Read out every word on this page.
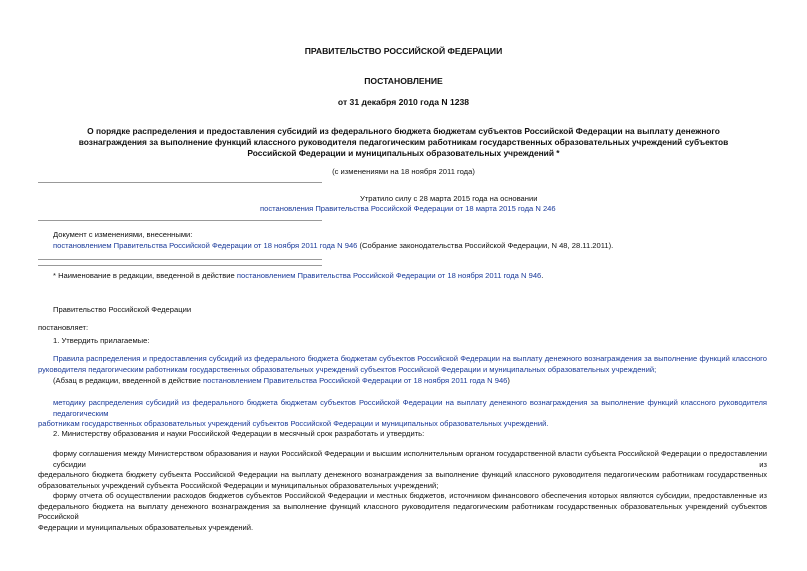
ПРАВИТЕЛЬСТВО РОССИЙСКОЙ ФЕДЕРАЦИИ
ПОСТАНОВЛЕНИЕ
от 31 декабря 2010 года N 1238
О порядке распределения и предоставления субсидий из федерального бюджета бюджетам субъектов Российской Федерации на выплату денежного
вознаграждения за выполнение функций классного руководителя педагогическим работникам государственных образовательных учреждений субъектов
Российской Федерации и муниципальных образовательных учреждений *
(с изменениями на 18 ноября 2011 года)
Утратило силу с 28 марта 2015 года на основании
постановления Правительства Российской Федерации от 18 марта 2015 года N 246
Документ с изменениями, внесенными:
постановлением Правительства Российской Федерации от 18 ноября 2011 года N 946 (Собрание законодательства Российской Федерации, N 48, 28.11.2011).
* Наименование в редакции, введенной в действие постановлением Правительства Российской Федерации от 18 ноября 2011 года N 946.
Правительство Российской Федерации
постановляет:
1. Утвердить прилагаемые:
Правила распределения и предоставления субсидий из федерального бюджета бюджетам субъектов Российской Федерации на выплату денежного вознаграждения за выполнение функций классного
руководителя педагогическим работникам государственных образовательных учреждений субъектов Российской Федерации и муниципальных образовательных учреждений;
(Абзац в редакции, введенной в действие постановлением Правительства Российской Федерации от 18 ноября 2011 года N 946)
методику распределения субсидий из федерального бюджета бюджетам субъектов Российской Федерации на выплату денежного вознаграждения за выполнение функций классного руководителя педагогическим
работникам государственных образовательных учреждений субъектов Российской Федерации и муниципальных образовательных учреждений.
2. Министерству образования и науки Российской Федерации в месячный срок разработать и утвердить:
форму соглашения между Министерством образования и науки Российской Федерации и высшим исполнительным органом государственной власти субъекта Российской Федерации о предоставлении субсидии из
федерального бюджета бюджету субъекта Российской Федерации на выплату денежного вознаграждения за выполнение функций классного руководителя педагогическим работникам государственных
образовательных учреждений субъекта Российской Федерации и муниципальных образовательных учреждений;
форму отчета об осуществлении расходов бюджетов субъектов Российской Федерации и местных бюджетов, источником финансового обеспечения которых являются субсидии, предоставленные из
федерального бюджета на выплату денежного вознаграждения за выполнение функций классного руководителя педагогическим работникам государственных образовательных учреждений субъектов Российской
Федерации и муниципальных образовательных учреждений.
